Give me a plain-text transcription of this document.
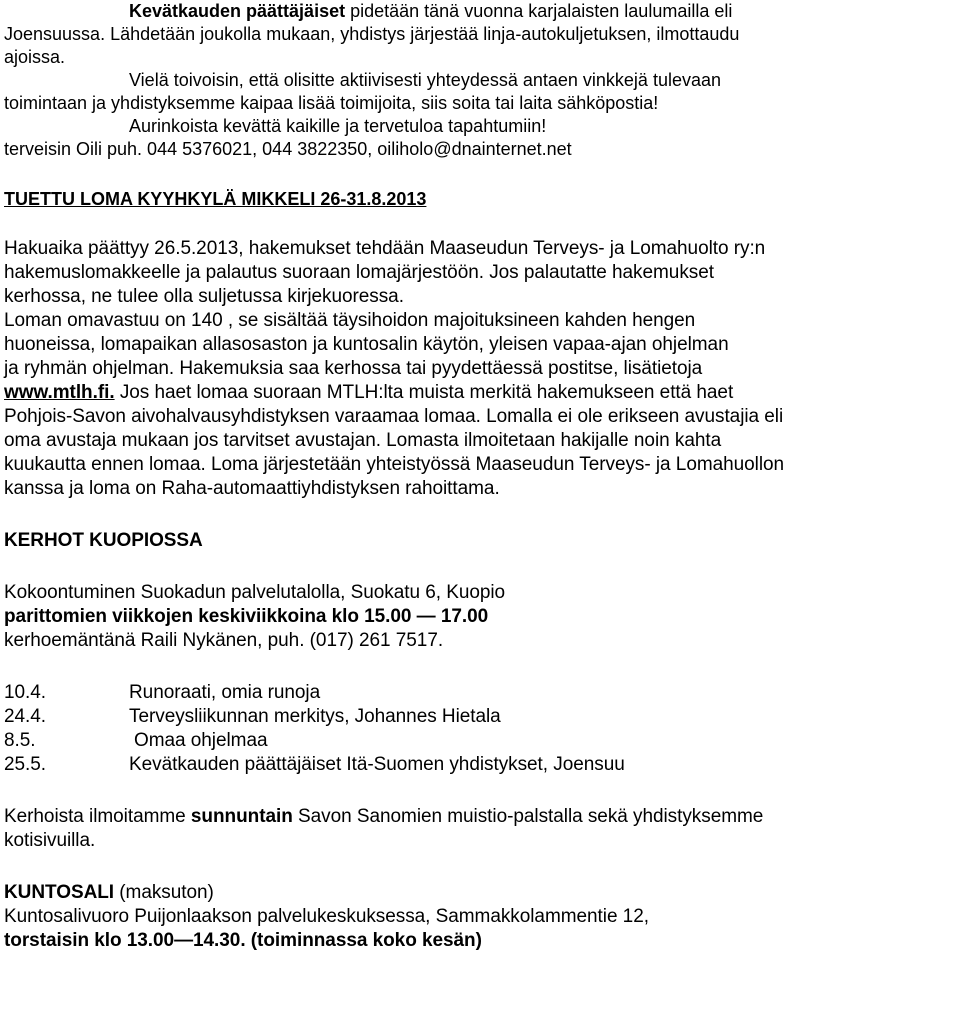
Kevätkauden päättäjäiset pidetään tänä vuonna karjalaisten laulumailla eli
Joensuussa. Lähdetään joukolla mukaan, yhdistys järjestää linja-autokuljetuksen, ilmottaudu
ajoissa.
Vielä toivoisin, että olisitte aktiivisesti yhteydessä antaen vinkkejä tulevaan
toimintaan ja yhdistyksemme kaipaa lisää toimijoita, siis soita tai laita sähköpostia!
Aurinkoista kevättä kaikille ja tervetuloa tapahtumiin!
terveisin Oili puh. 044 5376021, 044 3822350, oiliholo@dnainternet.net
TUETTU LOMA KYYHKYLÄ MIKKELI 26-31.8.2013
Hakuaika päättyy 26.5.2013, hakemukset tehdään Maaseudun Terveys- ja Lomahuolto ry:n
hakemuslomakkeelle ja palautus suoraan lomajärjestöön. Jos palautatte hakemukset
kerhossa, ne tulee olla suljetussa kirjekuoressa.
Loman omavastuu on 140 , se sisältää täysihoidon majoituksineen kahden hengen
huoneissa, lomapaikan allasosaston ja kuntosalin käytön, yleisen vapaa-ajan ohjelman
ja ryhmän ohjelman. Hakemuksia saa kerhossa tai pyydettäessä postitse, lisätietoja
www.mtlh.fi. Jos haet lomaa suoraan MTLH:lta muista merkitä hakemukseen että haet
Pohjois-Savon aivohalvausyhdistyksen varaamaa lomaa. Lomalla ei ole erikseen avustajia eli
oma avustaja mukaan jos tarvitset avustajan. Lomasta ilmoitetaan hakijalle noin kahta
kuukautta ennen lomaa. Loma järjestetään yhteistyössä Maaseudun Terveys- ja Lomahuollon
kanssa ja loma on Raha-automaattiyhdistyksen rahoittama.
KERHOT KUOPIOSSA
Kokoontuminen Suokadun palvelutalolla, Suokatu 6, Kuopio
parittomien viikkojen keskiviikkoina klo 15.00 — 17.00
kerhoemäntänä Raili Nykänen, puh. (017) 261 7517.
10.4.	Runoraati, omia runoja
24.4.	Terveysliikunnan merkitys, Johannes Hietala
8.5.	Omaa ohjelmaa
25.5.	Kevätkauden päättäjäiset Itä-Suomen yhdistykset, Joensuu
Kerhoista ilmoitamme sunnuntain Savon Sanomien muistio-palstalla sekä yhdistyksemme
kotisivuilla.
KUNTOSALI (maksuton)
Kuntosalivuoro Puijonlaakson palvelukeskuksessa, Sammakkolammentie 12,
torstaisin klo 13.00—14.30. (toiminnassa koko kesän)
